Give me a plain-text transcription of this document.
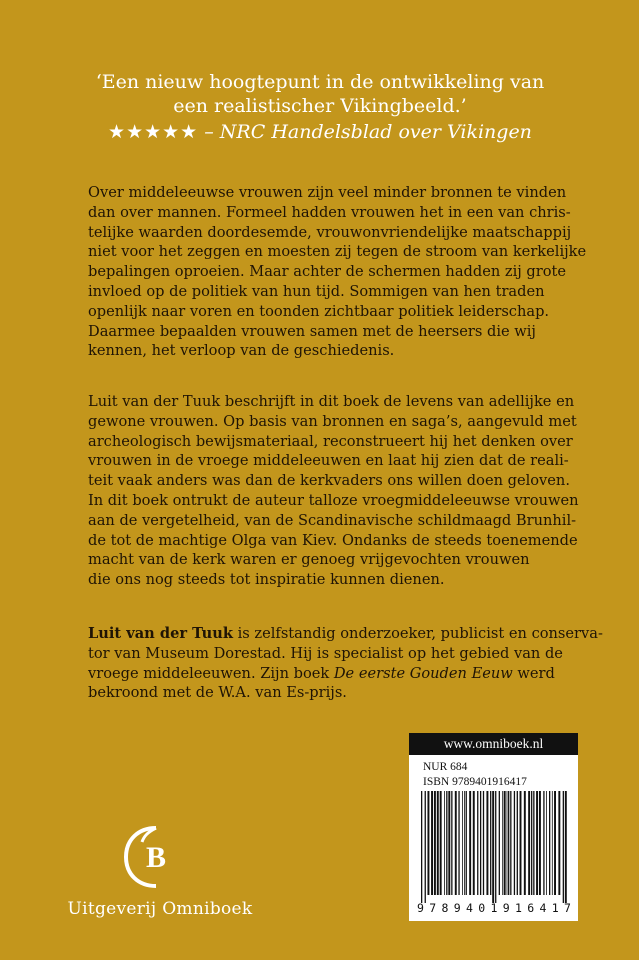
‘Een nieuw hoogtepunt in de ontwikkeling van
een realistischer Vikingbeeld.’
★★★★★ – NRC Handelsblad over Vikingen

Over middeleeuwse vrouwen zijn veel minder bronnen te vinden
dan over mannen. Formeel hadden vrouwen het in een van chris-
telijke waarden doordesemde, vrouwonvriendelijke maatschappij
niet voor het zeggen en moesten zij tegen de stroom van kerkelijke
bepalingen oproeien. Maar achter de schermen hadden zij grote
invloed op de politiek van hun tijd. Sommigen van hen traden
openlijk naar voren en toonden zichtbaar politiek leiderschap.
Daarmee bepaalden vrouwen samen met de heersers die wij
kennen, het verloop van de geschiedenis.

Luit van der Tuuk beschrijft in dit boek de levens van adellijke en
gewone vrouwen. Op basis van bronnen en saga’s, aangevuld met
archeologisch bewijsmateriaal, reconstrueert hij het denken over
vrouwen in de vroege middeleeuwen en laat hij zien dat de reali-
teit vaak anders was dan de kerkvaders ons willen doen geloven.
In dit boek ontrukt de auteur talloze vroegmiddeleeuwse vrouwen
aan de vergetelheid, van de Scandinavische schildmaagd Brunhil-
de tot de machtige Olga van Kiev. Ondanks de steeds toenemende
macht van de kerk waren er genoeg vrijgevochten vrouwen
die ons nog steeds tot inspiratie kunnen dienen.

Luit van der Tuuk is zelfstandig onderzoeker, publicist en conserva-
tor van Museum Dorestad. Hij is specialist op het gebied van de
vroege middeleeuwen. Zijn boek De eerste Gouden Eeuw werd
bekroond met de W.A. van Es-prijs.

www.omniboek.nl
NUR 684
ISBN 9789401916417
9 7 8 9 4 0 1 9 1 6 4 1 7
B
Uitgeverij Omniboek
